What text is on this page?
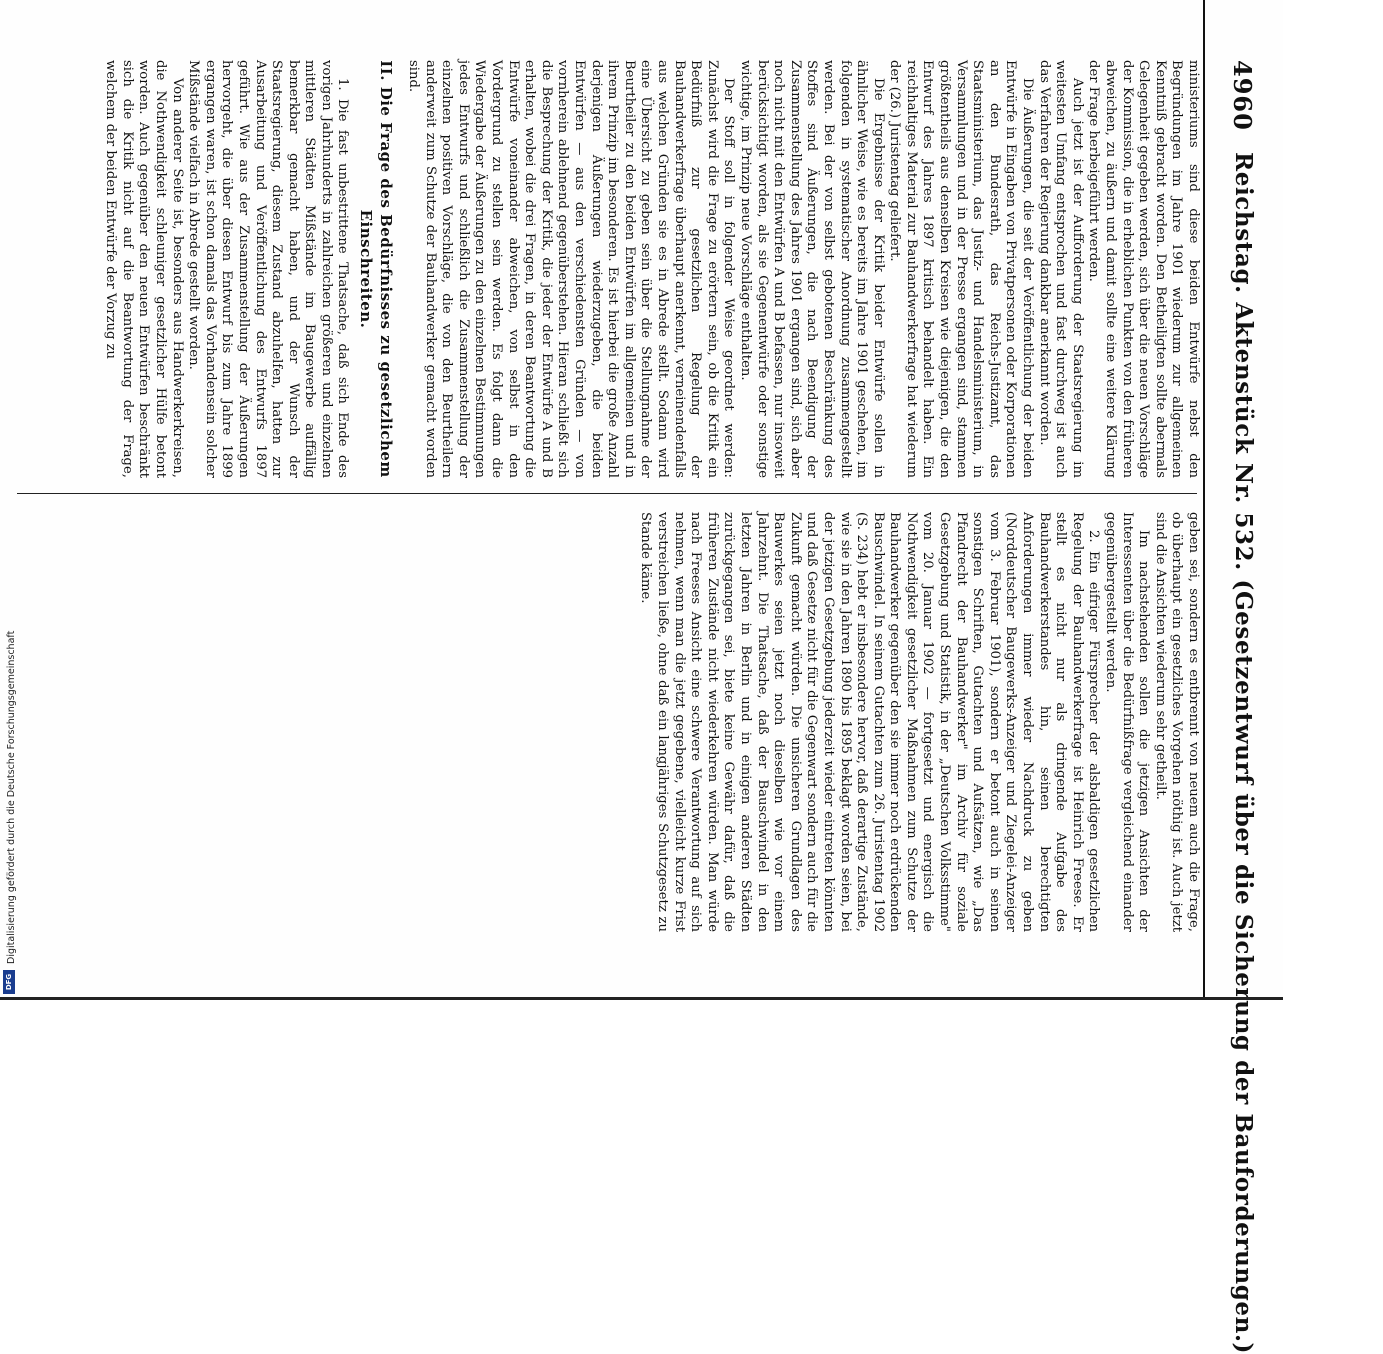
4960
Reichstag. Aktenstück Nr. 532. (Gesetzentwurf über die Sicherung der Bauforderungen.)

ministeriums sind diese beiden Entwürfe nebst den Begründungen im Jahre 1901 wiederum zur allgemeinen Kenntniß gebracht worden. Den Betheiligten sollte abermals Gelegenheit gegeben werden, sich über die neuen Vorschläge der Kommission, die in erheblichen Punkten von den früheren abweichen, zu äußern und damit sollte eine weitere Klärung der Frage herbeigeführt werden.

Auch jetzt ist der Aufforderung der Staatsregierung im weitesten Umfang entsprochen und fast durchweg ist auch das Verfahren der Regierung dankbar anerkannt worden.

Die Äußerungen, die seit der Veröffentlichung der beiden Entwürfe in Eingaben von Privatpersonen oder Korporationen an den Bundesrath, das Reichs-Justizamt, das Staatsministerium, das Justiz- und Handelsministerium, in Versammlungen und in der Presse ergangen sind, stammen größtentheils aus denselben Kreisen wie diejenigen, die den Entwurf des Jahres 1897 kritisch behandelt haben. Ein reichhaltiges Material zur Bauhandwerkerfrage hat wiederum der (26.) Juristentag geliefert.

Die Ergebnisse der Kritik beider Entwürfe sollen in ähnlicher Weise, wie es bereits im Jahre 1901 geschehen, im folgenden in systematischer Anordnung zusammengestellt werden. Bei der von selbst gebotenen Beschränkung des Stoffes sind Äußerungen, die nach Beendigung der Zusammenstellung des Jahres 1901 ergangen sind, sich aber noch nicht mit den Entwürfen A und B befassen, nur insoweit berücksichtigt worden, als sie Gegenentwürfe oder sonstige wichtige, im Prinzip neue Vorschläge enthalten.

Der Stoff soll in folgender Weise geordnet werden: Zunächst wird die Frage zu erörtern sein, ob die Kritik ein Bedürfniß zur gesetzlichen Regelung der Bauhandwerkerfrage überhaupt anerkennt, verneinendenfalls aus welchen Gründen sie es in Abrede stellt. Sodann wird eine Übersicht zu geben sein über die Stellungnahme der Beurtheiler zu den beiden Entwürfen im allgemeinen und in ihrem Prinzip im besonderen. Es ist hierbei die große Anzahl derjenigen Äußerungen wiederzugeben, die beiden Entwürfen — aus den verschiedensten Gründen — von vornherein ablehnend gegenüberstehen. Hieran schließt sich die Besprechung der Kritik, die jeder der Entwürfe A und B erhalten, wobei die drei Fragen, in deren Beantwortung die Entwürfe voneinander abweichen, von selbst in den Vordergrund zu stellen sein werden. Es folgt dann die Wiedergabe der Äußerungen zu den einzelnen Bestimmungen jedes Entwurfs und schließlich die Zusammenstellung der einzelnen positiven Vorschläge, die von den Beurtheilern anderweit zum Schutze der Bauhandwerker gemacht worden sind.

II. Die Frage des Bedürfnisses zu gesetzlichem
Einschreiten.

1. Die fast unbestrittene Thatsache, daß sich Ende des vorigen Jahrhunderts in zahlreichen größeren und einzelnen mittleren Städten Mißstände im Baugewerbe auffällig bemerkbar gemacht haben, und der Wunsch der Staatsregierung, diesem Zustand abzuhelfen, hatten zur Ausarbeitung und Veröffentlichung des Entwurfs 1897 geführt. Wie aus der Zusammenstellung der Äußerungen hervorgeht, die über diesen Entwurf bis zum Jahre 1899 ergangen waren, ist schon damals das Vorhandensein solcher Mißstände vielfach in Abrede gestellt worden.

Von anderer Seite ist, besonders aus Handwerkerkreisen, die Nothwendigkeit schleuniger gesetzlicher Hülfe betont worden. Auch gegenüber den neuen Entwürfen beschränkt sich die Kritik nicht auf die Beantwortung der Frage, welchem der beiden Entwürfe der Vorzug zu

geben sei, sondern es entbrennt von neuem auch die Frage, ob überhaupt ein gesetzliches Vorgehen nöthig ist. Auch jetzt sind die Ansichten wiederum sehr getheilt.

Im nachstehenden sollen die jetzigen Ansichten der Interessenten über die Bedürfnißfrage vergleichend einander gegenübergestellt werden.

2. Ein eifriger Fürsprecher der alsbaldigen gesetzlichen Regelung der Bauhandwerkerfrage ist Heinrich Freese. Er stellt es nicht nur als dringende Aufgabe des Bauhandwerkerstandes hin, seinen berechtigten Anforderungen immer wieder Nachdruck zu geben (Norddeutscher Baugewerks-Anzeiger und Ziegelei-Anzeiger vom 3. Februar 1901), sondern er betont auch in seinen sonstigen Schriften, Gutachten und Aufsätzen, wie „Das Pfandrecht der Bauhandwerker" im Archiv für soziale Gesetzgebung und Statistik, in der „Deutschen Volksstimme" vom 20. Januar 1902 — fortgesetzt und energisch die Nothwendigkeit gesetzlicher Maßnahmen zum Schutze der Bauhandwerker gegenüber den sie immer noch erdrückenden Bauschwindel. In seinem Gutachten zum 26. Juristentag 1902 (S. 234) hebt er insbesondere hervor, daß derartige Zustände, wie sie in den Jahren 1890 bis 1895 beklagt worden seien, bei der jetzigen Gesetzgebung jederzeit wieder eintreten könnten und daß Gesetze nicht für die Gegenwart sondern auch für die Zukunft gemacht würden. Die unsicheren Grundlagen des Bauwerkes seien jetzt noch dieselben wie vor einem Jahrzehnt. Die Thatsache, daß der Bauschwindel in den letzten Jahren in Berlin und in einigen anderen Städten zurückgegangen sei, biete keine Gewähr dafür, daß die früheren Zustände nicht wiederkehren würden. Man würde nach Freeses Ansicht eine schwere Verantwortung auf sich nehmen, wenn man die jetzt gegebene, vielleicht kurze Frist verstreichen ließe, ohne daß ein langjähriges Schutzgesetz zu Stande käme.

DFG
Digitalisierung gefördert durch die Deutsche Forschungsgemeinschaft
